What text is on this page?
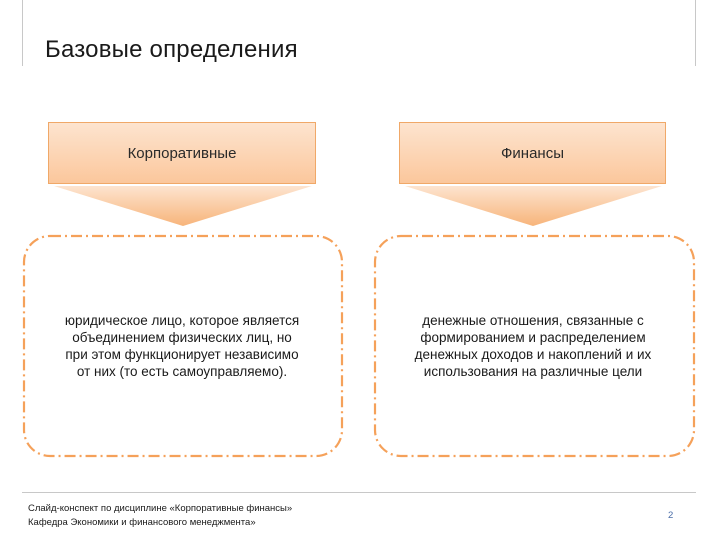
Базовые определения
Корпоративные
юридическое лицо, которое является
объединением физических лиц, но
при этом функционирует независимо
от них (то есть самоуправляемо).
Финансы
денежные отношения, связанные с
формированием и распределением
денежных доходов и накоплений и их
использования на различные цели
Слайд-конспект по дисциплине «Корпоративные финансы»
Кафедра Экономики и финансового менеджмента»
2
